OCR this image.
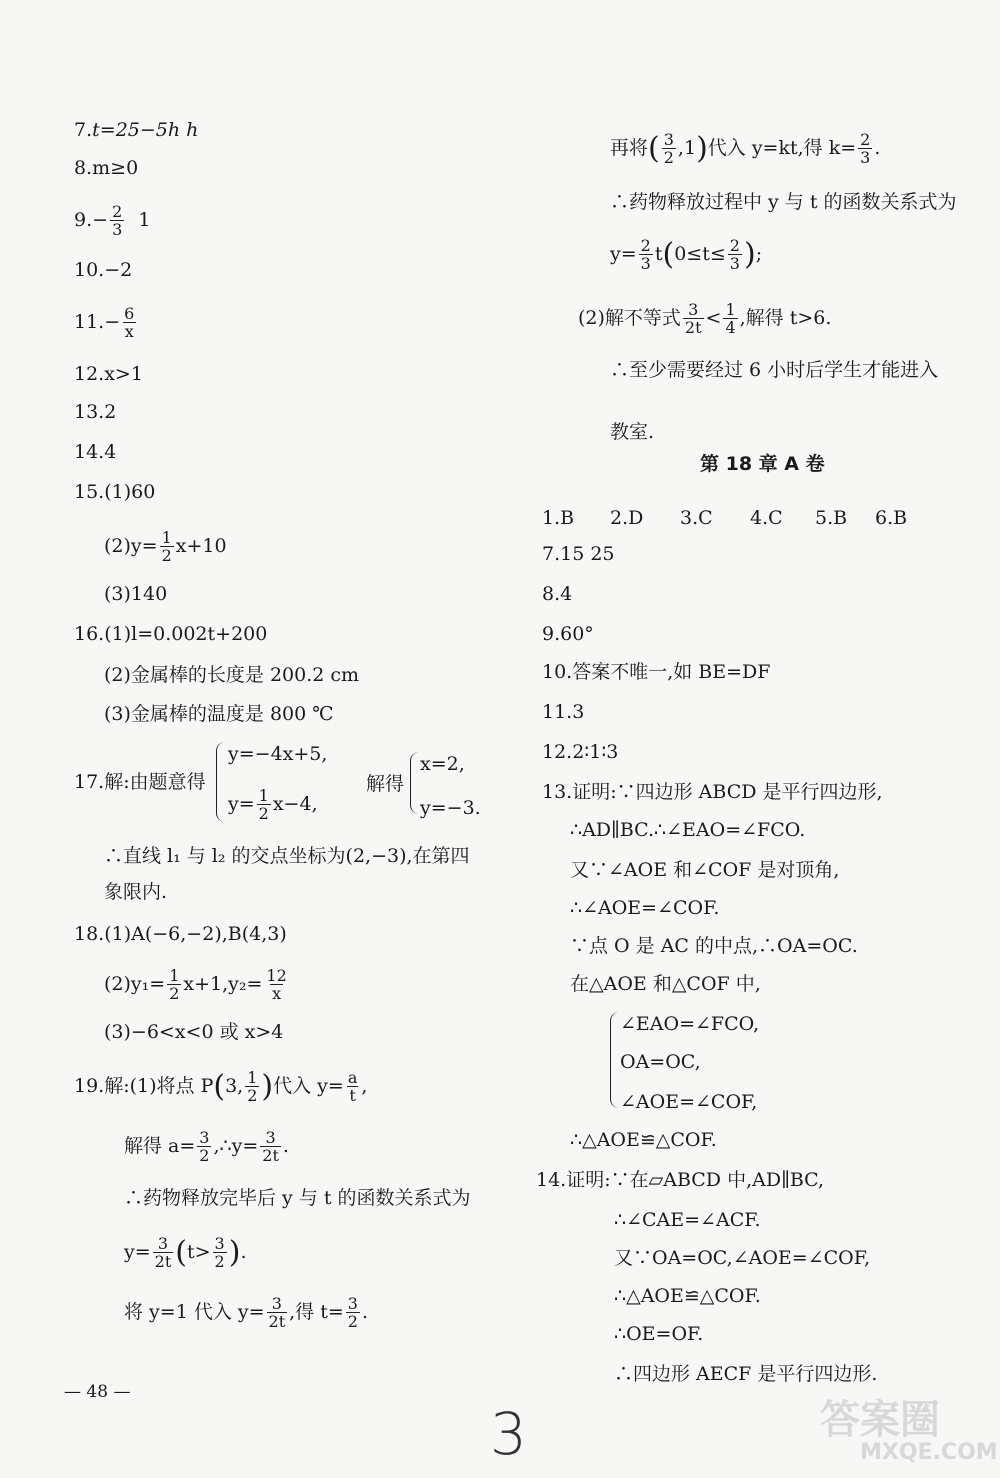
7.t=25−5h h
8.m≥0
$9.- \frac{2}{3} 1$
10.−2
$11.- \frac{6}{x}$
12.x>1
13.2
14.4
15.(1)60
$(2)y= \frac{1}{2} x+10$
(3)140
16.(1)l=0.002t+200
(2)金属棒的长度是 200.2 cm
(3)金属棒的温度是 800 ℃
17.解:由题意得
y=−4x+5,
$y= \frac{1}{2} x-4$,
解得
x=2,
y=−3.
∴直线 l₁ 与 l₂ 的交点坐标为(2,−3),在第四
象限内.
18.(1)A(−6,−2),B(4,3)
$(2)y_1= \frac{1}{2} x+1,y_2= \frac{12}{x}$
(3)−6<x<0 或 x>4
19.解:(1)将点 P(3, $\frac{1}{2}$ )代入 $y= \frac{a}{t}$ ,
解得 $a= \frac{3}{2}$ ,∴y= $\frac{3}{2t}$ .
∴药物释放完毕后 y 与 t 的函数关系式为
$y= \frac{3}{2t} (t> \frac{3}{2}$ ).
将 y=1 代入 $y= \frac{3}{2t}$ ,得 $t= \frac{3}{2}$ .
— 48 —
再将( $\frac{3}{2} ,1$)代入 y=kt,得 $k= \frac{2}{3}$ .
∴药物释放过程中 y 与 t 的函数关系式为
$y= \frac{2}{3} t(0\le t\le \frac{2}{3}$ );
(2)解不等式 $\frac{3}{2t} < \frac{1}{4}$ ,解得 t>6.
∴至少需要经过 6 小时后学生才能进入
教室.
第 18 章 A 卷
1.B 2.D 3.C 4.C 5.B 6.B
7.15 25
8.4
9.60°
10.答案不唯一,如 BE=DF
11.3
12.2∶1∶3
13.证明:∵四边形 ABCD 是平行四边形,
∴AD∥BC.∴∠EAO=∠FCO.
又∵∠AOE 和∠COF 是对顶角,
∴∠AOE=∠COF.
∵点 O 是 AC 的中点,∴OA=OC.
在△AOE 和△COF 中,
∠EAO=∠FCO,
OA=OC,
∠AOE=∠COF,
∴△AOE≌△COF.
14.证明:∵在▱ABCD 中,AD∥BC,
∴∠CAE=∠ACF.
又∵OA=OC,∠AOE=∠COF,
∴△AOE≌△COF.
∴OE=OF.
∴四边形 AECF 是平行四边形.
3	答案圈
MXQE.COM
